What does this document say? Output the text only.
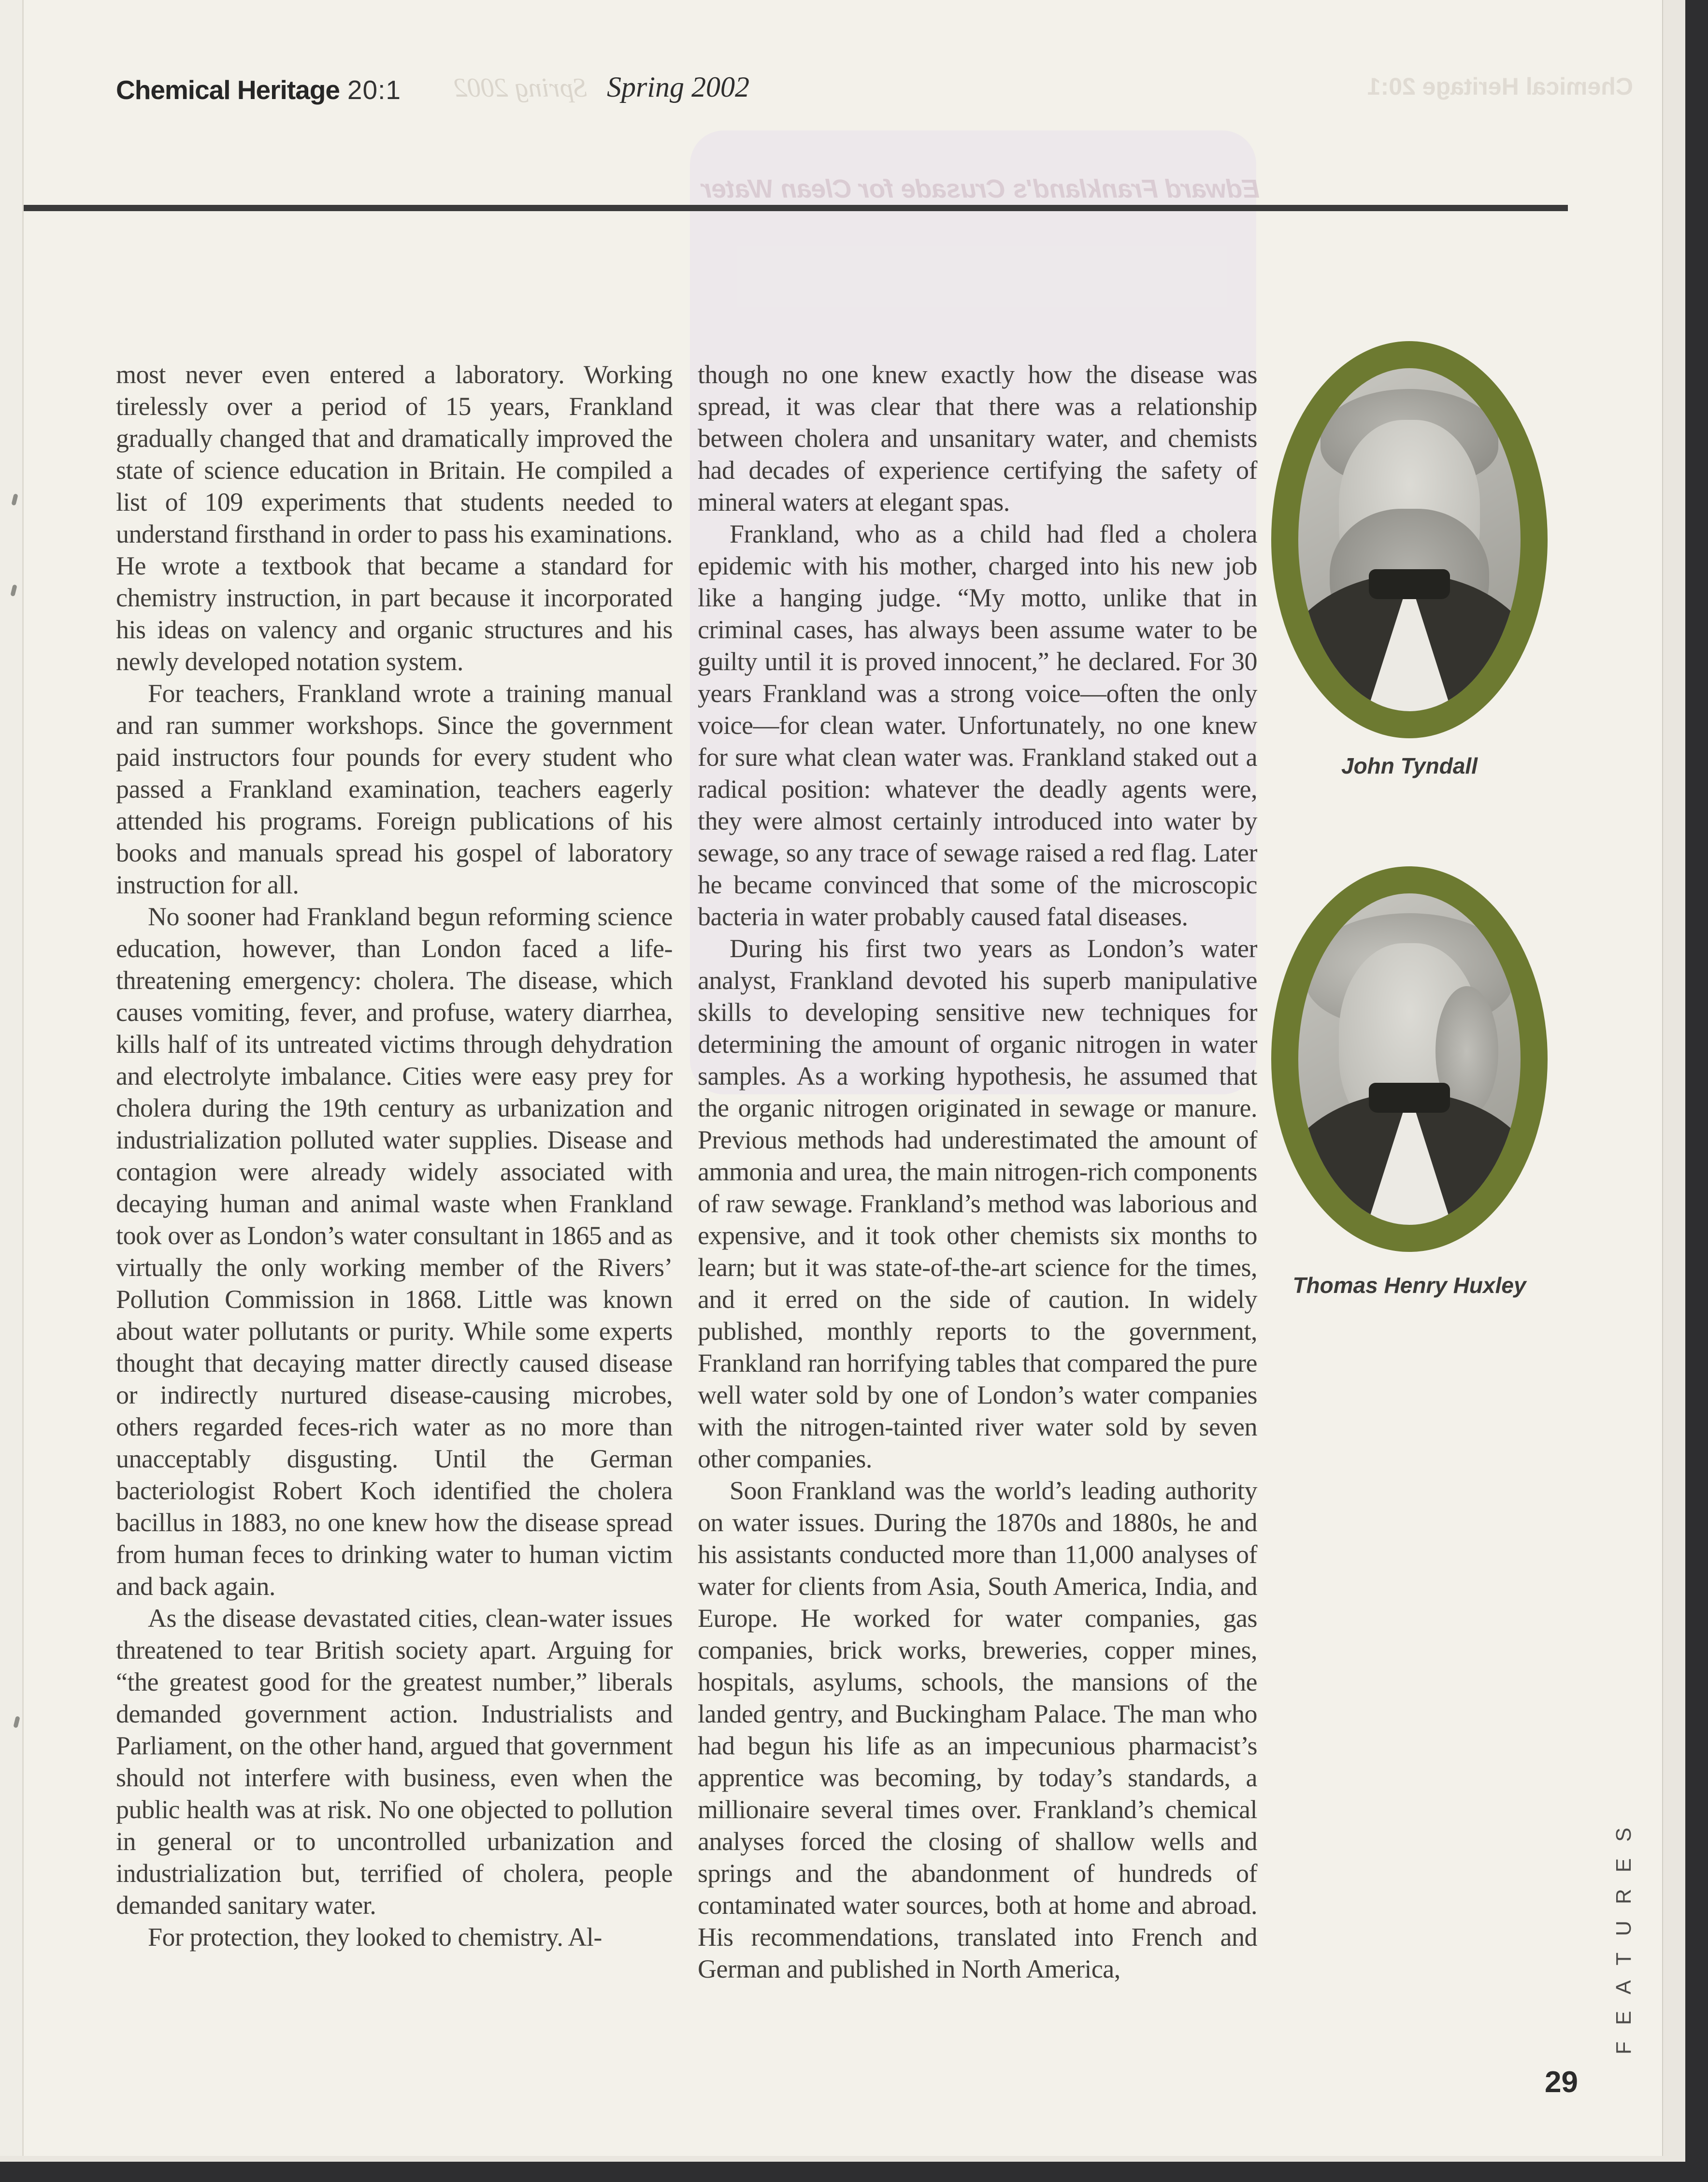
Edward Frankland's Crusade for Clean Water
Spring 2002	Chemical Heritage 20:1
Chemical Heritage 20:1	Spring 2002

most never even entered a laboratory. Working tirelessly over a period of 15 years, Frankland gradually changed that and dramatically improved the state of science education in Britain. He compiled a list of 109 experiments that students needed to understand firsthand in order to pass his examinations. He wrote a textbook that became a standard for chemistry instruction, in part because it incorporated his ideas on valency and organic structures and his newly developed notation system.

For teachers, Frankland wrote a training manual and ran summer workshops. Since the government paid instructors four pounds for every student who passed a Frankland examination, teachers eagerly attended his programs. Foreign publications of his books and manuals spread his gospel of laboratory instruction for all.

No sooner had Frankland begun reforming science education, however, than London faced a life-threatening emergency: cholera. The disease, which causes vomiting, fever, and profuse, watery diarrhea, kills half of its untreated victims through dehydration and electrolyte imbalance. Cities were easy prey for cholera during the 19th century as urbanization and industrialization polluted water supplies. Disease and contagion were already widely associated with decaying human and animal waste when Frankland took over as London’s water consultant in 1865 and as virtually the only working member of the Rivers’ Pollution Commission in 1868. Little was known about water pollutants or purity. While some experts thought that decaying matter directly caused disease or indirectly nurtured disease-causing microbes, others regarded feces-rich water as no more than unacceptably disgusting. Until the German bacteriologist Robert Koch identified the cholera bacillus in 1883, no one knew how the disease spread from human feces to drinking water to human victim and back again.

As the disease devastated cities, clean-water issues threatened to tear British society apart. Arguing for “the greatest good for the greatest number,” liberals demanded government action. Industrialists and Parliament, on the other hand, argued that government should not interfere with business, even when the public health was at risk. No one objected to pollution in general or to uncontrolled urbanization and industrialization but, terrified of cholera, people demanded sanitary water.

For protection, they looked to chemistry. Al-

though no one knew exactly how the disease was spread, it was clear that there was a relationship between cholera and unsanitary water, and chemists had decades of experience certifying the safety of mineral waters at elegant spas.

Frankland, who as a child had fled a cholera epidemic with his mother, charged into his new job like a hanging judge. “My motto, unlike that in criminal cases, has always been assume water to be guilty until it is proved innocent,” he declared. For 30 years Frankland was a strong voice—often the only voice—for clean water. Unfortunately, no one knew for sure what clean water was. Frankland staked out a radical position: whatever the deadly agents were, they were almost certainly introduced into water by sewage, so any trace of sewage raised a red flag. Later he became convinced that some of the microscopic bacteria in water probably caused fatal diseases.

During his first two years as London’s water analyst, Frankland devoted his superb manipulative skills to developing sensitive new techniques for determining the amount of organic nitrogen in water samples. As a working hypothesis, he assumed that the organic nitrogen originated in sewage or manure. Previous methods had underestimated the amount of ammonia and urea, the main nitrogen-rich components of raw sewage. Frankland’s method was laborious and expensive, and it took other chemists six months to learn; but it was state-of-the-art science for the times, and it erred on the side of caution. In widely published, monthly reports to the government, Frankland ran horrifying tables that compared the pure well water sold by one of London’s water companies with the nitrogen-tainted river water sold by seven other companies.

Soon Frankland was the world’s leading authority on water issues. During the 1870s and 1880s, he and his assistants conducted more than 11,000 analyses of water for clients from Asia, South America, India, and Europe. He worked for water companies, gas companies, brick works, breweries, copper mines, hospitals, asylums, schools, the mansions of the landed gentry, and Buckingham Palace. The man who had begun his life as an impecunious pharmacist’s apprentice was becoming, by today’s standards, a millionaire several times over. Frankland’s chemical analyses forced the closing of shallow wells and springs and the abandonment of hundreds of contaminated water sources, both at home and abroad. His recommendations, translated into French and German and published in North America,

John Tyndall
Thomas Henry Huxley
FEATURES
29
